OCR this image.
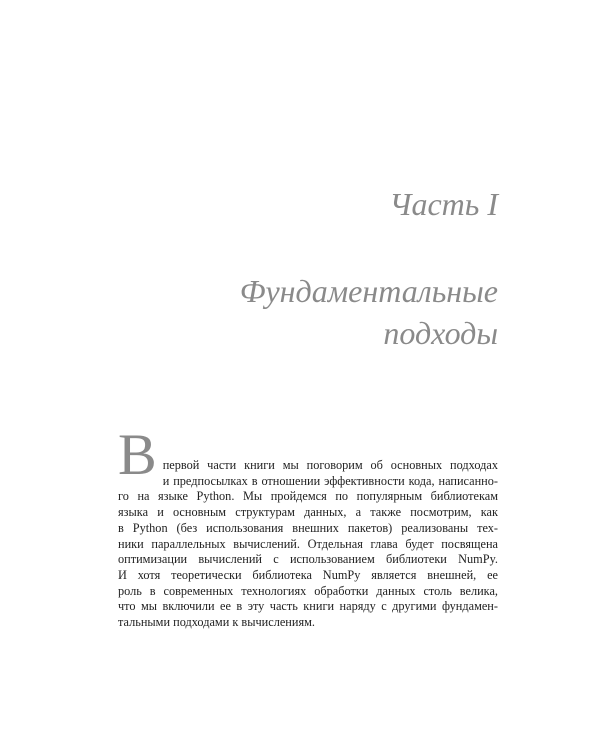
Часть I
Фундаментальные
подходы
В первой части книги мы поговорим об основных подходах
и предпосылках в отношении эффективности кода, написанно-
го на языке Python. Мы пройдемся по популярным библиотекам
языка и основным структурам данных, а также посмотрим, как
в Python (без использования внешних пакетов) реализованы тех-
ники параллельных вычислений. Отдельная глава будет посвящена
оптимизации вычислений с использованием библиотеки NumPy.
И хотя теоретически библиотека NumPy является внешней, ее
роль в современных технологиях обработки данных столь велика,
что мы включили ее в эту часть книги наряду с другими фундамен-
тальными подходами к вычислениям.
